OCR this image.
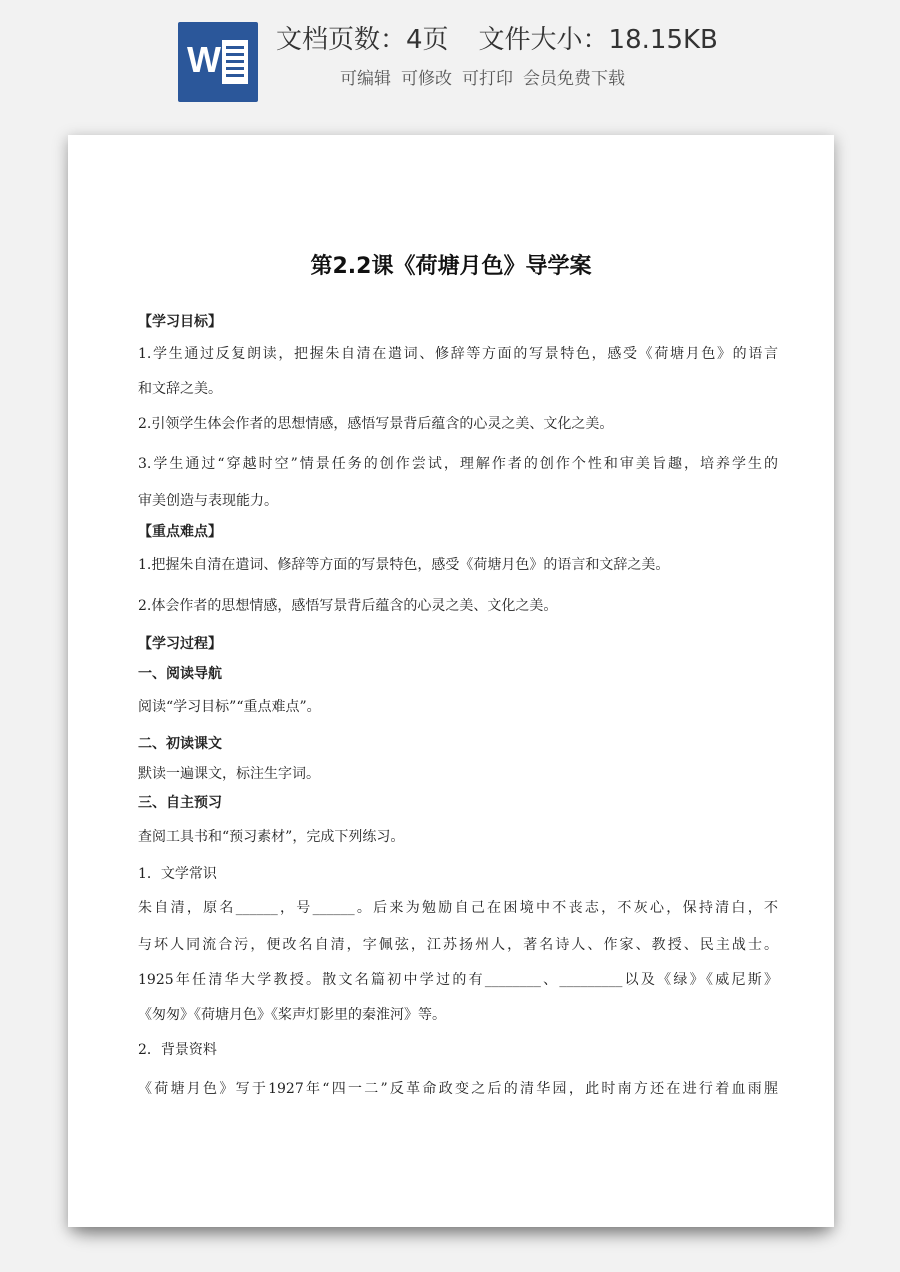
W 文档页数：4页 文件大小：18.15KB
可编辑 可修改 可打印 会员免费下载
第2.2课《荷塘月色》导学案
【学习目标】
1.学生通过反复朗读，把握朱自清在遣词、修辞等方面的写景特色，感受《荷塘月色》的语言
和文辞之美。
2.引领学生体会作者的思想情感，感悟写景背后蕴含的心灵之美、文化之美。
3.学生通过“穿越时空”情景任务的创作尝试，理解作者的创作个性和审美旨趣，培养学生的
审美创造与表现能力。
【重点难点】
1.把握朱自清在遣词、修辞等方面的写景特色，感受《荷塘月色》的语言和文辞之美。
2.体会作者的思想情感，感悟写景背后蕴含的心灵之美、文化之美。
【学习过程】
一、阅读导航
阅读“学习目标”“重点难点”。
二、初读课文
默读一遍课文，标注生字词。
三、自主预习
查阅工具书和“预习素材”，完成下列练习。
1．文学常识
朱自清，原名______，号______。后来为勉励自己在困境中不丧志，不灰心，保持清白，不
与坏人同流合污，便改名自清，字佩弦，江苏扬州人，著名诗人、作家、教授、民主战士。
1925年任清华大学教授。散文名篇初中学过的有________、_________以及《绿》《威尼斯》
《匆匆》《荷塘月色》《桨声灯影里的秦淮河》等。
2．背景资料
《荷塘月色》写于1927年“四一二”反革命政变之后的清华园，此时南方还在进行着血雨腥
